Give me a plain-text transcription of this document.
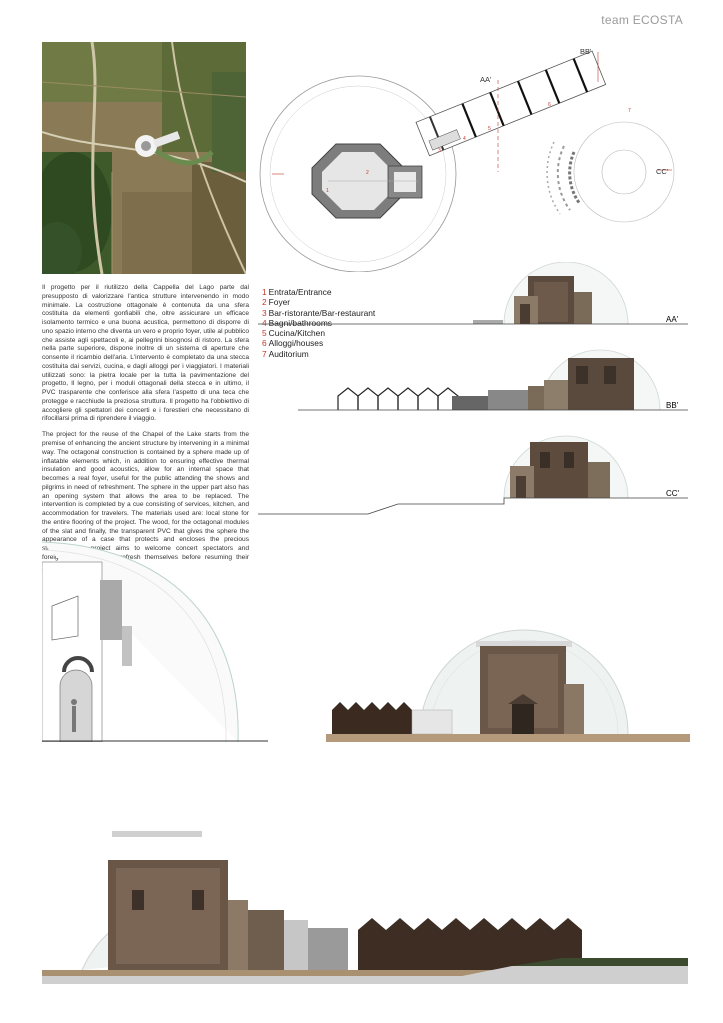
team ECOSTA
AA'
BB'
CC'
1
2
3
4
5
6
7

Il progetto per il riutilizzo della Cappella del Lago parte dal presupposto di valorizzare l'antica strutture intervenendo in modo minimale. La costruzione ottagonale è contenuta da una sfera costituita da elementi gonfiabili che, oltre assicurare un efficace isolamento termico e una buona acustica, permettono di disporre di uno spazio interno che diventa un vero e proprio foyer, utile al pubblico che assiste agli spettacoli e, ai pellegrini bisognosi di ristoro. La sfera nella parte superiore, dispone inoltre di un sistema di aperture che consente il ricambio dell'aria. L'intervento è completato da una stecca costituita dai servizi, cucina, e dagli alloggi per i viaggiatori. I materiali utilizzati sono: la pietra locale per la tutta la pavimentazione del progetto, Il legno, per i moduli ottagonali della stecca e in ultimo, il PVC trasparente che conferisce alla sfera l'aspetto di una teca che protegge e racchiude la preziosa struttura. Il progetto ha l'obbiettivo di accogliere gli spettatori dei concerti e i forestieri che necessitano di rifocillarsi prima di riprendere il viaggio.

The project for the reuse of the Chapel of the Lake starts from the premise of enhancing the ancient structure by intervening in a minimal way. The octagonal construction is contained by a sphere made up of inflatable elements which, in addition to ensuring effective thermal insulation and good acoustics, allow for an internal space that becomes a real foyer, useful for the public attending the shows and pilgrims in need of refreshment. The sphere in the upper part also has an opening system that allows the area to be replaced. The intervention is completed by a cue consisting of services, kitchen, and accommodation for travelers. The materials used are: local stone for the entire flooring of the project. The wood, for the octagonal modules of the slat and finally, the transparent PVC that gives the sphere the appearance of a case that protects and encloses the precious project aims to welcome concert spectators and foreigners refresh themselves before resuming their

1 Entrata/Entrance
2 Foyer
3 Bar-ristorante/Bar-restaurant
4 Bagni/bathrooms
5 Cucina/Kitchen
6 Alloggi/houses
7 Auditorium
AA'
BB'
CC'
